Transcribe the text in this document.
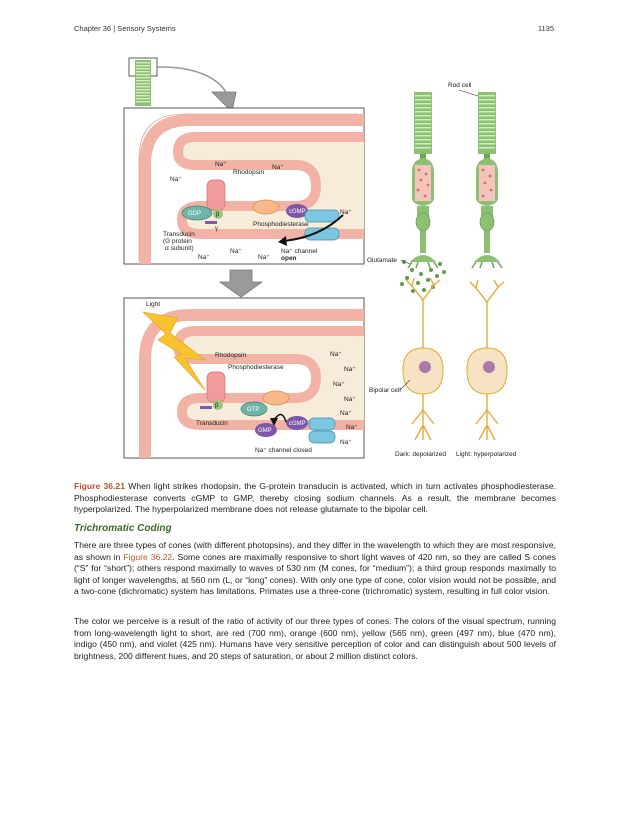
Chapter 36 | Sensory Systems	1135
Na⁺	Na⁺
Na⁺
Na⁺
Na⁺
Na⁺	Na⁺
Rhodopsin
GDP β
γ
Transducin
(G protein
α subunit)
Phosphodiesterase
cGMP
Na⁺ channel
open
Light
Rhodopsin
Phosphodiesterase
β
GTP
GMP
cGMP
Transducin
Na⁺ channel closed
Na⁺
Na⁺
Na⁺
Na⁺
Na⁺
Na⁺
Na⁺
Rod cell
Glutamate
Bipolar cell
Dark: depolarized Light: hyperpolarized
Figure 36.21 When light strikes rhodopsin, the G-protein transducin is activated, which in turn activates phosphodiesterase. Phosphodiesterase converts cGMP to GMP, thereby closing sodium channels. As a result, the membrane becomes hyperpolarized. The hyperpolarized membrane does not release glutamate to the bipolar cell.
Trichromatic Coding

There are three types of cones (with different photopsins), and they differ in the wavelength to which they are most responsive, as shown in Figure 36.22. Some cones are maximally responsive to short light waves of 420 nm, so they are called S cones (“S” for “short”); others respond maximally to waves of 530 nm (M cones, for “medium”); a third group responds maximally to light of longer wavelengths, at 560 nm (L, or “long” cones). With only one type of cone, color vision would not be possible, and a two-cone (dichromatic) system has limitations. Primates use a three-cone (trichromatic) system, resulting in full color vision.

The color we perceive is a result of the ratio of activity of our three types of cones. The colors of the visual spectrum, running from long-wavelength light to short, are red (700 nm), orange (600 nm), yellow (565 nm), green (497 nm), blue (470 nm), indigo (450 nm), and violet (425 nm). Humans have very sensitive perception of color and can distinguish about 500 levels of brightness, 200 different hues, and 20 steps of saturation, or about 2 million distinct colors.
